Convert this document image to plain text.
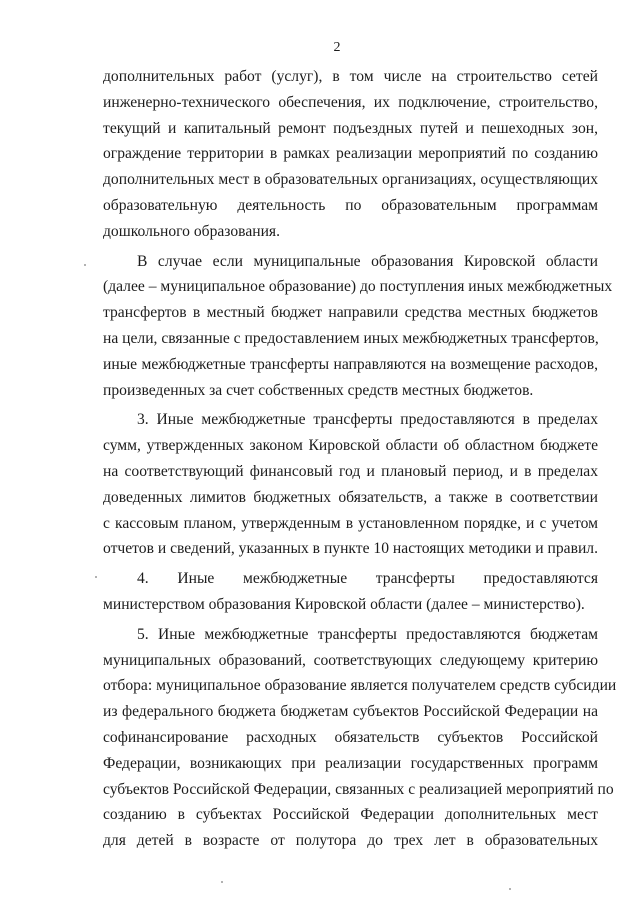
2
дополнительных работ (услуг), в том числе на строительство сетей
инженерно-технического обеспечения, их подключение, строительство,
текущий и капитальный ремонт подъездных путей и пешеходных зон,
ограждение территории в рамках реализации мероприятий по созданию
дополнительных мест в образовательных организациях, осуществляющих
образовательную деятельность по образовательным программам
дошкольного образования.
В случае если муниципальные образования Кировской области
(далее – муниципальное образование) до поступления иных межбюджетных
трансфертов в местный бюджет направили средства местных бюджетов
на цели, связанные с предоставлением иных межбюджетных трансфертов,
иные межбюджетные трансферты направляются на возмещение расходов,
произведенных за счет собственных средств местных бюджетов.
3. Иные межбюджетные трансферты предоставляются в пределах
сумм, утвержденных законом Кировской области об областном бюджете
на соответствующий финансовый год и плановый период, и в пределах
доведенных лимитов бюджетных обязательств, а также в соответствии
с кассовым планом, утвержденным в установленном порядке, и с учетом
отчетов и сведений, указанных в пункте 10 настоящих методики и правил.
4. Иные межбюджетные трансферты предоставляются
министерством образования Кировской области (далее – министерство).
5. Иные межбюджетные трансферты предоставляются бюджетам
муниципальных образований, соответствующих следующему критерию
отбора: муниципальное образование является получателем средств субсидии
из федерального бюджета бюджетам субъектов Российской Федерации на
софинансирование расходных обязательств субъектов Российской
Федерации, возникающих при реализации государственных программ
субъектов Российской Федерации, связанных с реализацией мероприятий по
созданию в субъектах Российской Федерации дополнительных мест
для детей в возрасте от полутора до трех лет в образовательных
